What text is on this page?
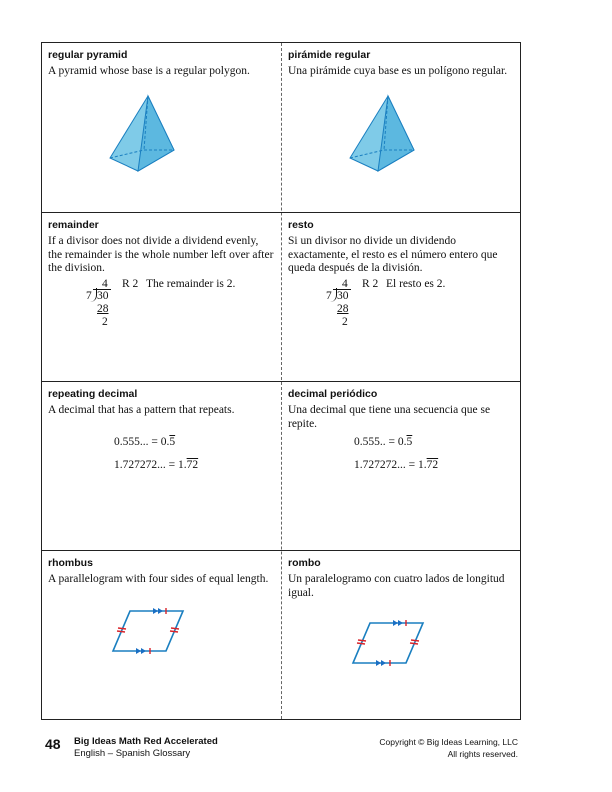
regular pyramid
A pyramid whose base is a regular polygon.
pirámide regular
Una pirámide cuya base es un polígono regular.
remainder
If a divisor does not divide a dividend evenly, the remainder is the whole number left over after the division.
4 R 2 The remainder is 2.
7 30
28
2
resto
Si un divisor no divide un dividendo exactamente, el resto es el número entero que queda después de la división.
4 R 2 El resto es 2.
7 30
28
2
repeating decimal
A decimal that has a pattern that repeats.
0.555... = 0.5
1.727272... = 1.72
decimal periódico
Una decimal que tiene una secuencia que se repite.
0.555.. = 0.5
1.727272... = 1.72
rhombus
A parallelogram with four sides of equal length.
rombo
Un paralelogramo con cuatro lados de longitud igual.
48 Big Ideas Math Red Accelerated
English – Spanish Glossary
Copyright © Big Ideas Learning, LLC
All rights reserved.
